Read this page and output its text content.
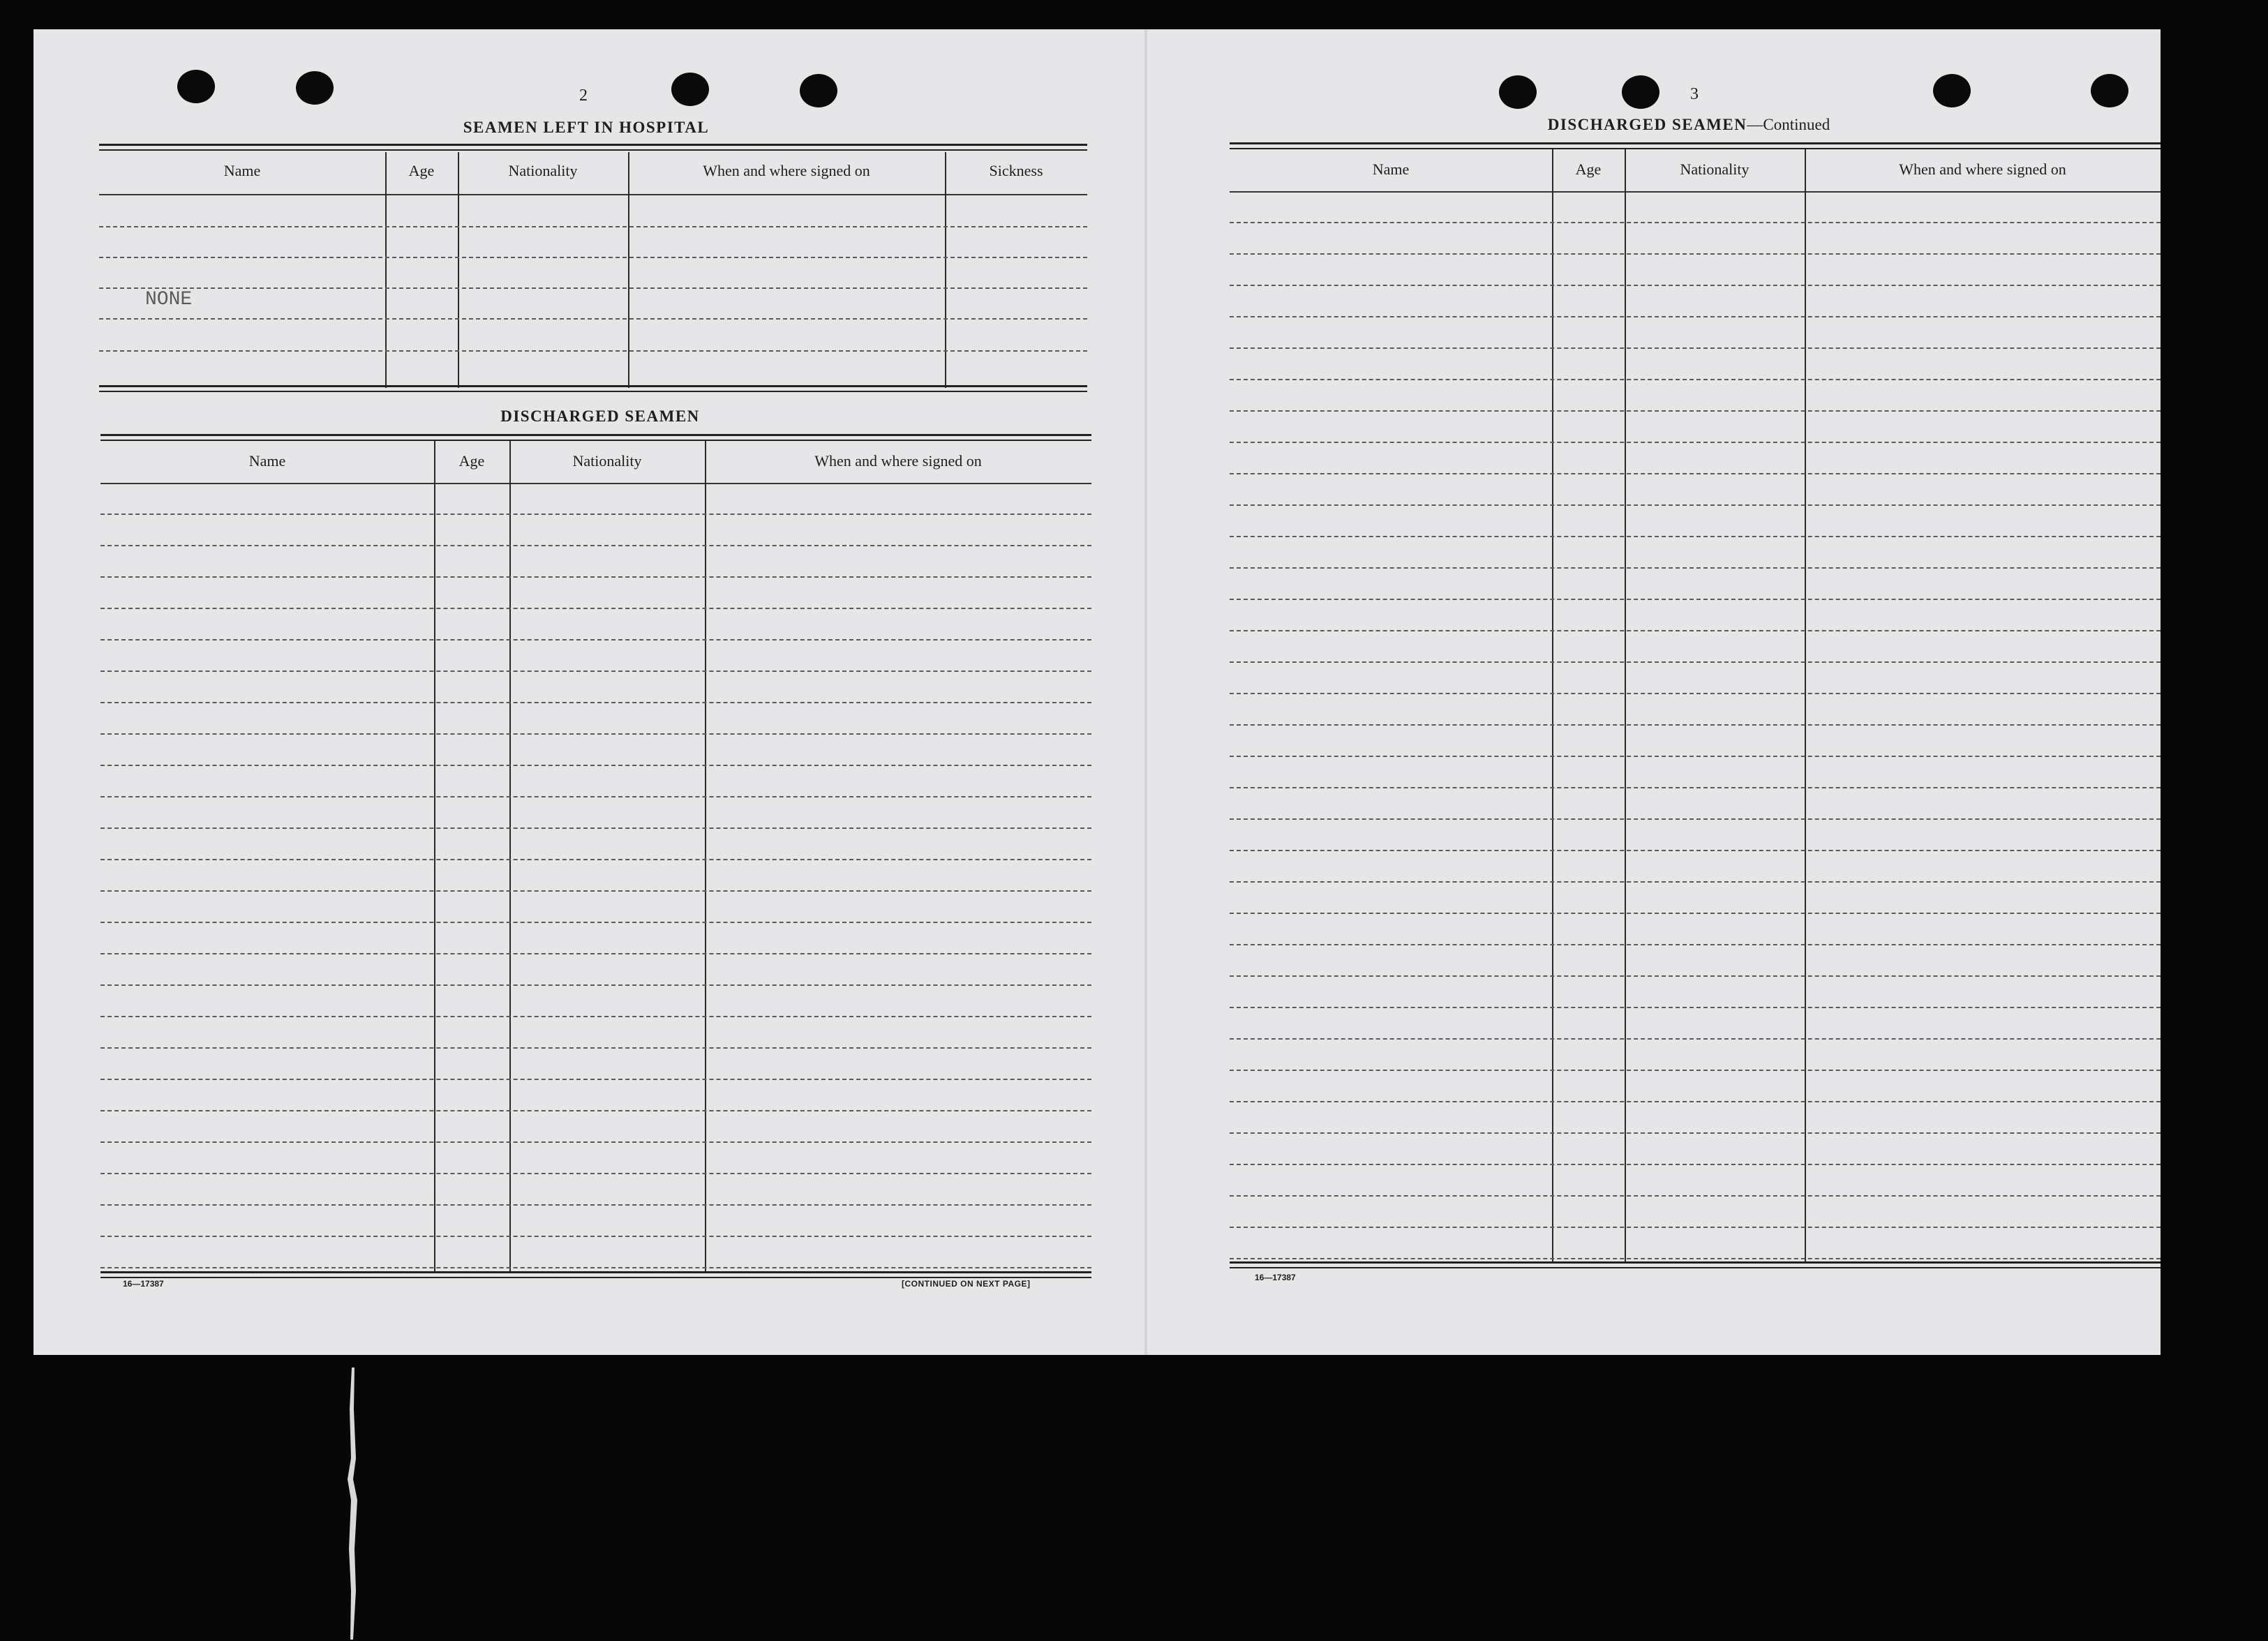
2
SEAMEN LEFT IN HOSPITAL
Name	Age	Nationality	When and where signed on	Sickness
NONE
DISCHARGED SEAMEN
Name	Age	Nationality	When and where signed on
16—17387	[CONTINUED ON NEXT PAGE]
3
DISCHARGED SEAMEN—Continued
Name	Age	Nationality	When and where signed on
16—17387
